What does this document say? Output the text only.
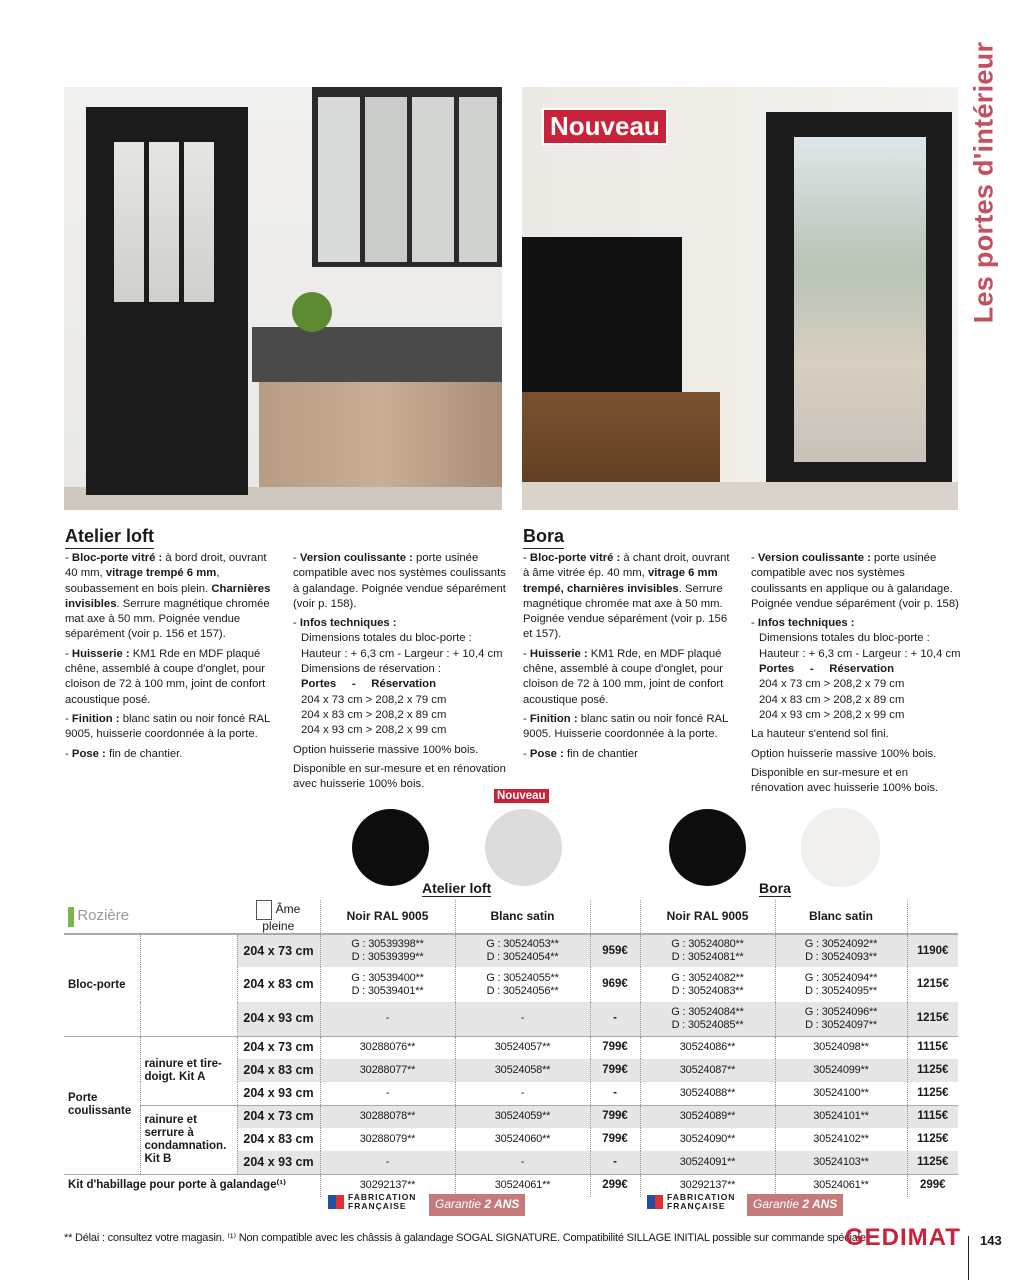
Les portes d'intérieur
Nouveau
Atelier loft

- Bloc-porte vitré : à bord droit, ouvrant 40 mm, vitrage trempé 6 mm, soubassement en bois plein. Charnières invisibles. Serrure magnétique chromée mat axe à 50 mm. Poignée vendue séparément (voir p. 156 et 157).

- Huisserie : KM1 Rde en MDF plaqué chêne, assemblé à coupe d'onglet, pour cloison de 72 à 100 mm, joint de confort acoustique posé.

- Finition : blanc satin ou noir foncé RAL 9005, huisserie coordonnée à la porte.

- Pose : fin de chantier.

- Version coulissante : porte usinée compatible avec nos systèmes coulissants à galandage. Poignée vendue séparément (voir p. 158).

- Infos techniques :
Dimensions totales du bloc-porte :
Hauteur : + 6,3 cm - Largeur : + 10,4 cm
Dimensions de réservation :
Portes     -     Réservation
204 x 73 cm > 208,2 x 79 cm
204 x 83 cm > 208,2 x 89 cm
204 x 93 cm > 208,2 x 99 cm

Option huisserie massive 100% bois.

Disponible en sur-mesure et en rénovation avec huisserie 100% bois.

Bora

- Bloc-porte vitré : à chant droit, ouvrant à âme vitrée ép. 40 mm, vitrage 6 mm trempé, charnières invisibles. Serrure magnétique chromée mat axe à 50 mm. Poignée vendue séparément (voir p. 156 et 157).

- Huisserie : KM1 Rde, en MDF plaqué chêne, assemblé à coupe d'onglet, pour cloison de 72 à 100 mm, joint de confort acoustique posé.

- Finition : blanc satin ou noir foncé RAL 9005. Huisserie coordonnée à la porte.

- Pose : fin de chantier

- Version coulissante : porte usinée compatible avec nos systèmes coulissants en applique ou à galandage. Poignée vendue séparément (voir p. 158)

- Infos techniques :
Dimensions totales du bloc-porte :
Hauteur : + 6,3 cm - Largeur : + 10,4 cm
Portes     -     Réservation
204 x 73 cm > 208,2 x 79 cm
204 x 83 cm > 208,2 x 89 cm
204 x 93 cm > 208,2 x 99 cm

La hauteur s'entend sol fini.

Option huisserie massive 100% bois.

Disponible en sur-mesure et en rénovation avec huisserie 100% bois.

Nouveau
Atelier loft	Bora
Rozière		Âme pleine	Noir RAL 9005	Blanc satin		Noir RAL 9005	Blanc satin	
Bloc-porte		204 x 73 cm	G : 30539398**
D : 30539399**	G : 30524053**
D : 30524054**	959€	G : 30524080**
D : 30524081**	G : 30524092**
D : 30524093**	1190€
		204 x 83 cm	G : 30539400**
D : 30539401**	G : 30524055**
D : 30524056**	969€	G : 30524082**
D : 30524083**	G : 30524094**
D : 30524095**	1215€
		204 x 93 cm	-	-	-	G : 30524084**
D : 30524085**	G : 30524096**
D : 30524097**	1215€
Porte coulissante	rainure et tire-doigt. Kit A	204 x 73 cm	30288076**	30524057**	799€	30524086**	30524098**	1115€
		204 x 83 cm	30288077**	30524058**	799€	30524087**	30524099**	1125€
		204 x 93 cm	-	-	-	30524088**	30524100**	1125€
	rainure et serrure à condamnation. Kit B	204 x 73 cm	30288078**	30524059**	799€	30524089**	30524101**	1115€
		204 x 83 cm	30288079**	30524060**	799€	30524090**	30524102**	1125€
		204 x 93 cm	-	-	-	30524091**	30524103**	1125€
Kit d'habillage pour porte à galandage⁽¹⁾			30292137**	30524061**	299€	30292137**	30524061**	299€
FABRICATION
FRANÇAISE	Garantie 2 ANS	FABRICATION
FRANÇAISE	Garantie 2 ANS
** Délai : consultez votre magasin. ⁽¹⁾ Non compatible avec les châssis à galandage SOGAL SIGNATURE. Compatibilité SILLAGE INITIAL possible sur commande spéciale.
GEDIMAT 143
